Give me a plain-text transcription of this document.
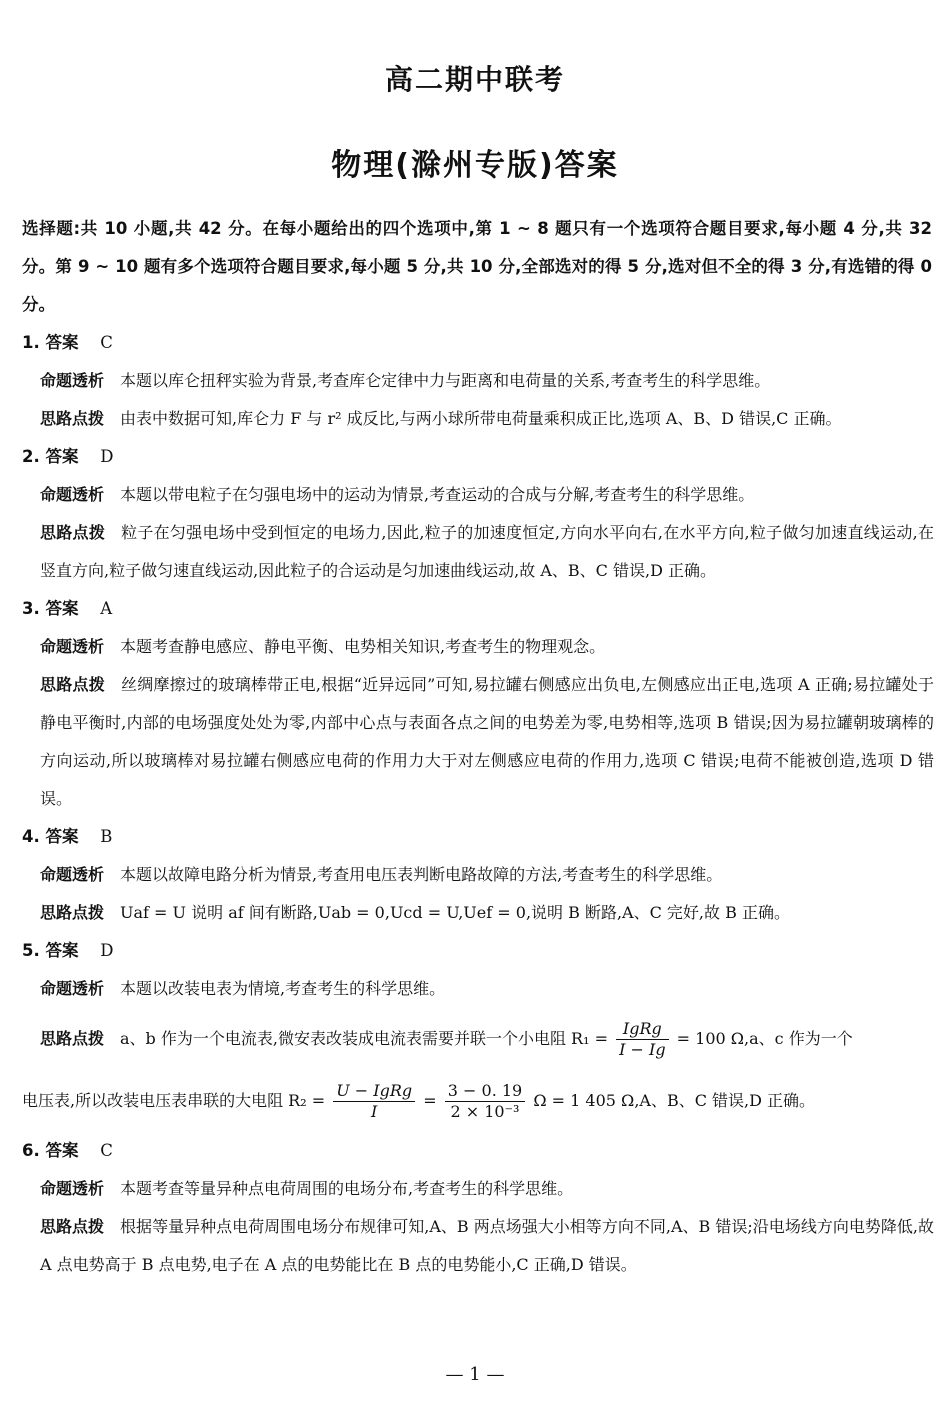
高二期中联考
物理(滁州专版)答案
选择题:共 10 小题,共 42 分。在每小题给出的四个选项中,第 1 ~ 8 题只有一个选项符合题目要求,每小题 4 分,共 32 分。第 9 ~ 10 题有多个选项符合题目要求,每小题 5 分,共 10 分,全部选对的得 5 分,选对但不全的得 3 分,有选错的得 0 分。
1. 答案 C
命题透析 本题以库仑扭秤实验为背景,考查库仑定律中力与距离和电荷量的关系,考查考生的科学思维。
思路点拨 由表中数据可知,库仑力 F 与 r² 成反比,与两小球所带电荷量乘积成正比,选项 A、B、D 错误,C 正确。
2. 答案 D
命题透析 本题以带电粒子在匀强电场中的运动为情景,考查运动的合成与分解,考查考生的科学思维。
思路点拨 粒子在匀强电场中受到恒定的电场力,因此,粒子的加速度恒定,方向水平向右,在水平方向,粒子做匀加速直线运动,在竖直方向,粒子做匀速直线运动,因此粒子的合运动是匀加速曲线运动,故 A、B、C 错误,D 正确。
3. 答案 A
命题透析 本题考查静电感应、静电平衡、电势相关知识,考查考生的物理观念。
思路点拨 丝绸摩擦过的玻璃棒带正电,根据“近异远同”可知,易拉罐右侧感应出负电,左侧感应出正电,选项 A 正确;易拉罐处于静电平衡时,内部的电场强度处处为零,内部中心点与表面各点之间的电势差为零,电势相等,选项 B 错误;因为易拉罐朝玻璃棒的方向运动,所以玻璃棒对易拉罐右侧感应电荷的作用力大于对左侧感应电荷的作用力,选项 C 错误;电荷不能被创造,选项 D 错误。
4. 答案 B
命题透析 本题以故障电路分析为情景,考查用电压表判断电路故障的方法,考查考生的科学思维。
思路点拨 Uaf = U 说明 af 间有断路,Uab = 0,Ucd = U,Uef = 0,说明 B 断路,A、C 完好,故 B 正确。
5. 答案 D
命题透析 本题以改装电表为情境,考查考生的科学思维。
思路点拨 a、b 作为一个电流表,微安表改装成电流表需要并联一个小电阻 $R_1 = \frac{\text{IgRg}}{I - Ig} = 100$ Ω,a、c 作为一个
电压表,所以改装电压表串联的大电阻 $R_2 = \frac{\text{U − IgRg}}{I} = \frac{3 - 0. 19}{\text{2 × 10⁻³}}$ Ω = 1 405 Ω,A、B、C 错误,D 正确。
6. 答案 C
命题透析 本题考查等量异种点电荷周围的电场分布,考查考生的科学思维。
思路点拨 根据等量异种点电荷周围电场分布规律可知,A、B 两点场强大小相等方向不同,A、B 错误;沿电场线方向电势降低,故 A 点电势高于 B 点电势,电子在 A 点的电势能比在 B 点的电势能小,C 正确,D 错误。
— 1 —
